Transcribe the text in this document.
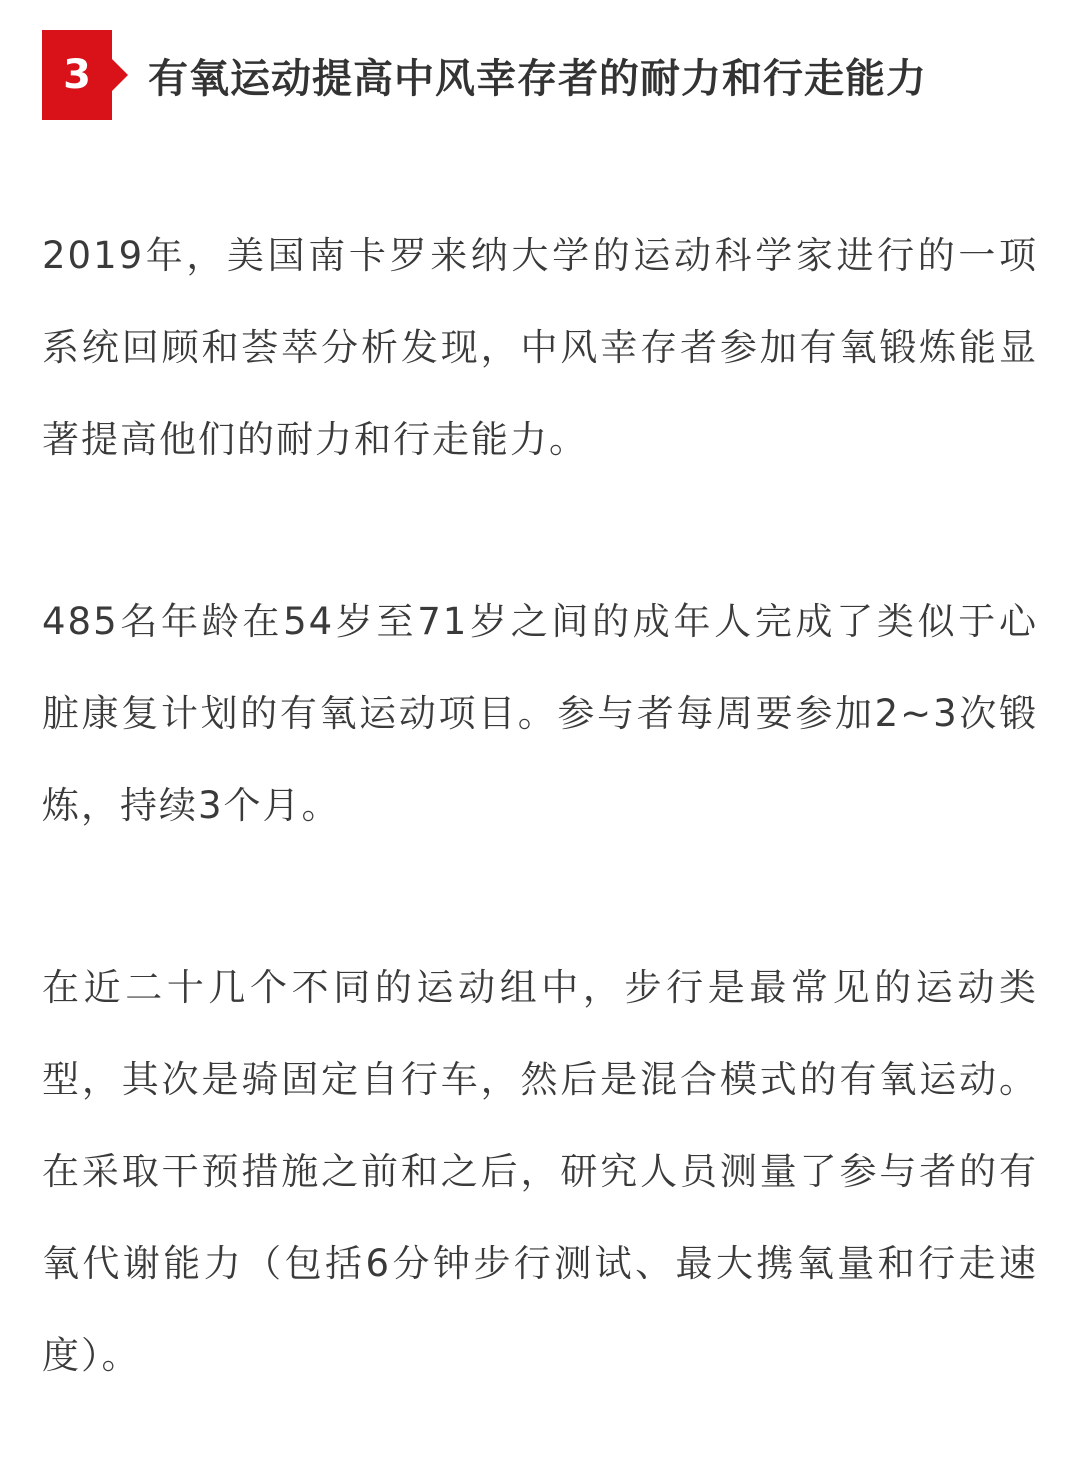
3 有氧运动提高中风幸存者的耐力和行走能力

2019年，美国南卡罗来纳大学的运动科学家进行的一项系统回顾和荟萃分析发现，中风幸存者参加有氧锻炼能显著提高他们的耐力和行走能力。

485名年龄在54岁至71岁之间的成年人完成了类似于心脏康复计划的有氧运动项目。参与者每周要参加2~3次锻炼，持续3个月。

在近二十几个不同的运动组中，步行是最常见的运动类型，其次是骑固定自行车，然后是混合模式的有氧运动。在采取干预措施之前和之后，研究人员测量了参与者的有氧代谢能力（包括6分钟步行测试、最大携氧量和行走速度）。
